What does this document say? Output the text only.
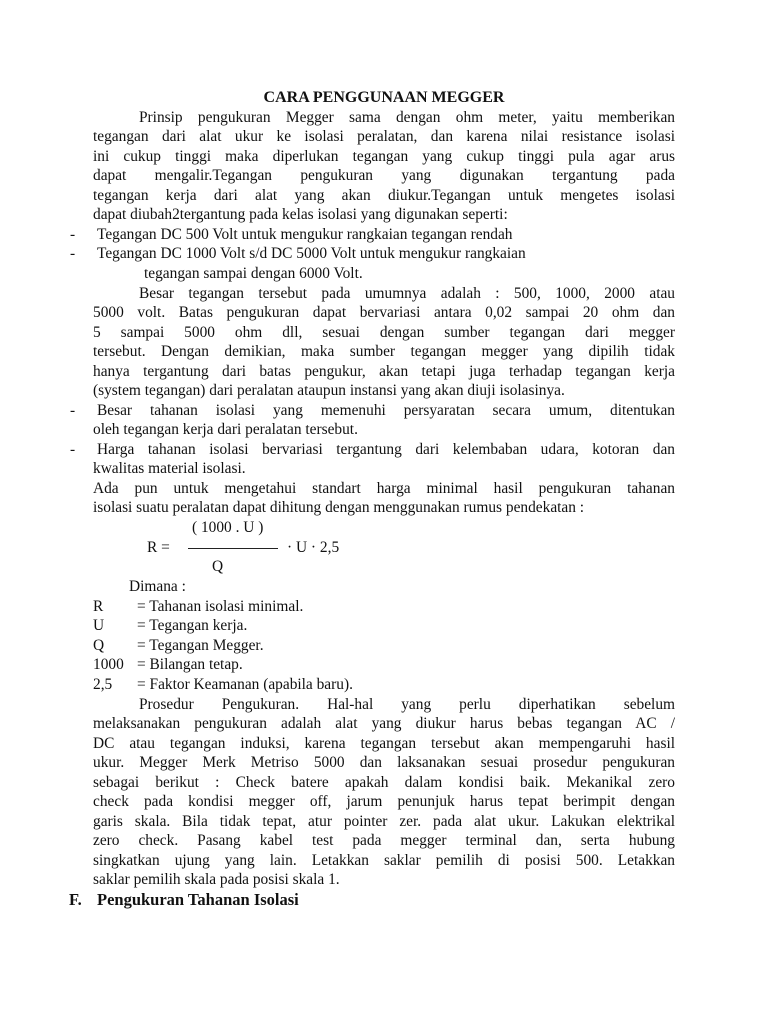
CARA PENGGUNAAN MEGGER
Prinsip pengukuran Megger sama dengan ohm meter, yaitu memberikan
tegangan dari alat ukur ke isolasi peralatan, dan karena nilai resistance isolasi
ini cukup tinggi maka diperlukan tegangan yang cukup tinggi pula agar arus
dapat mengalir.Tegangan pengukuran yang digunakan tergantung pada
tegangan kerja dari alat yang akan diukur.Tegangan untuk mengetes isolasi
dapat diubah2tergantung pada kelas isolasi yang digunakan seperti:
- Tegangan DC 500 Volt untuk mengukur rangkaian tegangan rendah
- Tegangan DC 1000 Volt s/d DC 5000 Volt untuk mengukur rangkaian
tegangan sampai dengan 6000 Volt.
Besar tegangan tersebut pada umumnya adalah : 500, 1000, 2000 atau
5000 volt. Batas pengukuran dapat bervariasi antara 0,02 sampai 20 ohm dan
5 sampai 5000 ohm dll, sesuai dengan sumber tegangan dari megger
tersebut. Dengan demikian, maka sumber tegangan megger yang dipilih tidak
hanya tergantung dari batas pengukur, akan tetapi juga terhadap tegangan kerja
(system tegangan) dari peralatan ataupun instansi yang akan diuji isolasinya.
- Besar tahanan isolasi yang memenuhi persyaratan secara umum, ditentukan
oleh tegangan kerja dari peralatan tersebut.
- Harga tahanan isolasi bervariasi tergantung dari kelembaban udara, kotoran dan
kwalitas material isolasi.
Ada pun untuk mengetahui standart harga minimal hasil pengukuran tahanan
isolasi suatu peralatan dapat dihitung dengan menggunakan rumus pendekatan :
( 1000 . U )
R =	· U · 2,5
Q
Dimana :
R = Tahanan isolasi minimal.
U = Tegangan kerja.
Q = Tegangan Megger.
1000 = Bilangan tetap.
2,5 = Faktor Keamanan (apabila baru).
Prosedur Pengukuran. Hal-hal yang perlu diperhatikan sebelum
melaksanakan pengukuran adalah alat yang diukur harus bebas tegangan AC /
DC atau tegangan induksi, karena tegangan tersebut akan mempengaruhi hasil
ukur. Megger Merk Metriso 5000 dan laksanakan sesuai prosedur pengukuran
sebagai berikut : Check batere apakah dalam kondisi baik. Mekanikal zero
check pada kondisi megger off, jarum penunjuk harus tepat berimpit dengan
garis skala. Bila tidak tepat, atur pointer zer. pada alat ukur. Lakukan elektrikal
zero check. Pasang kabel test pada megger terminal dan, serta hubung
singkatkan ujung yang lain. Letakkan saklar pemilih di posisi 500. Letakkan
saklar pemilih skala pada posisi skala 1.
F. Pengukuran Tahanan Isolasi
